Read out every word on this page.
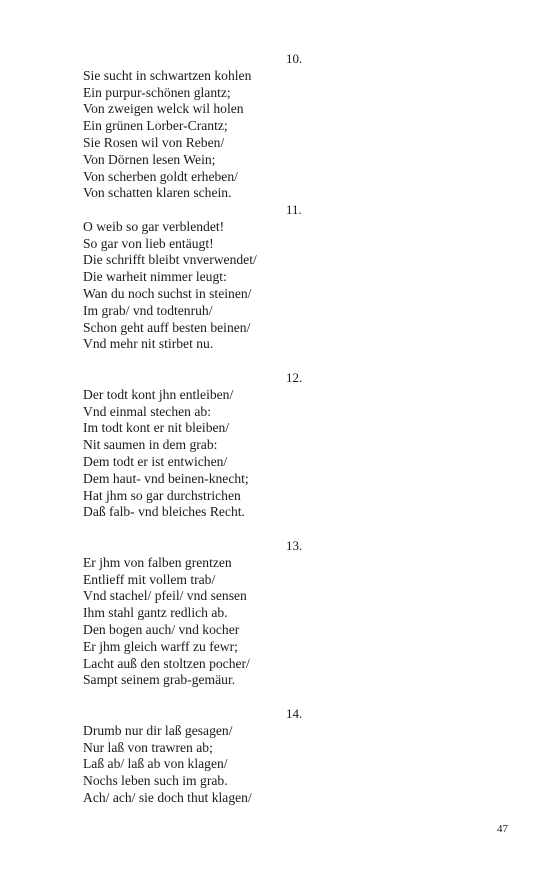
10.
Sie sucht in schwartzen kohlen
Ein purpur-schönen glantz;
Von zweigen welck wil holen
Ein grünen Lorber-Crantz;
Sie Rosen wil von Reben/
Von Dörnen lesen Wein;
Von scherben goldt erheben/
Von schatten klaren schein.
11.
O weib so gar verblendet!
So gar von lieb entäugt!
Die schrifft bleibt vnverwendet/
Die warheit nimmer leugt:
Wan du noch suchst in steinen/
Im grab/ vnd todtenruh/
Schon geht auff besten beinen/
Vnd mehr nit stirbet nu.
12.
Der todt kont jhn entleiben/
Vnd einmal stechen ab:
Im todt kont er nit bleiben/
Nit saumen in dem grab:
Dem todt er ist entwichen/
Dem haut- vnd beinen-knecht;
Hat jhm so gar durchstrichen
Daß falb- vnd bleiches Recht.
13.
Er jhm von falben grentzen
Entlieff mit vollem trab/
Vnd stachel/ pfeil/ vnd sensen
Ihm stahl gantz redlich ab.
Den bogen auch/ vnd kocher
Er jhm gleich warff zu fewr;
Lacht auß den stoltzen pocher/
Sampt seinem grab-gemäur.
14.
Drumb nur dir laß gesagen/
Nur laß von trawren ab;
Laß ab/ laß ab von klagen/
Nochs leben such im grab.
Ach/ ach/ sie doch thut klagen/
47
